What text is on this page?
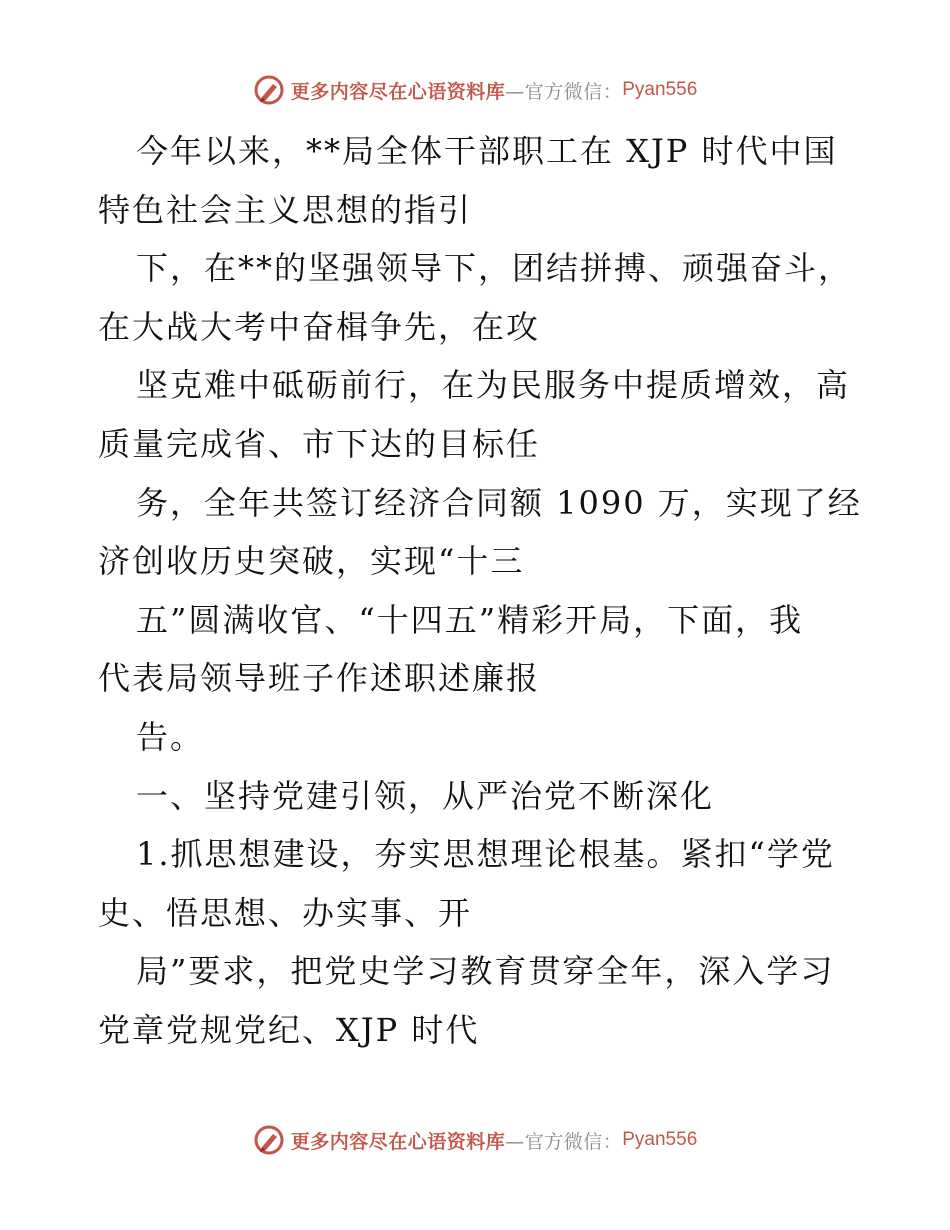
更多内容尽在心语资料库 —官方微信： Pyan556
今年以来，**局全体干部职工在 XJP 时代中国
特色社会主义思想的指引
下，在**的坚强领导下，团结拼搏、顽强奋斗，
在大战大考中奋楫争先，在攻
坚克难中砥砺前行，在为民服务中提质增效，高
质量完成省、市下达的目标任
务，全年共签订经济合同额 1090 万，实现了经
济创收历史突破，实现“十三
五”圆满收官、“十四五”精彩开局，下面，我
代表局领导班子作述职述廉报
告。
一、坚持党建引领，从严治党不断深化
1.抓思想建设，夯实思想理论根基。紧扣“学党
史、悟思想、办实事、开
局”要求，把党史学习教育贯穿全年，深入学习
党章党规党纪、XJP 时代
更多内容尽在心语资料库 —官方微信： Pyan556
